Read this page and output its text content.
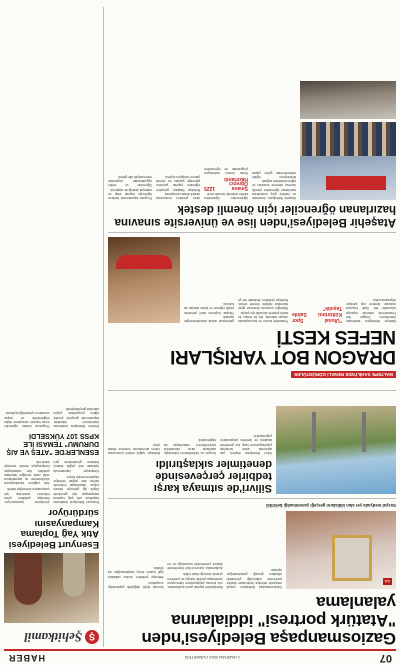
07
1 HAZİRAN 2024 CUMARTESİ
HABER
Gaziosmanpaşa Belediyesi'nden "Atatürk portresi" iddialarına yalanlama
AA

Gaziosmanpaşa Belediyesi, sosyal medyada belediye binasından Atatürk portresinin kaldırıldığı yönündeki iddiaların gerçeği yansıtmadığını açıkladı.

Belediyeden yapılan yazılı açıklamada, söz konusu paylaşımların kamuoyunu yanıltmaya yönelik olduğu ve portrenin yerinde durduğu ifade edildi.

Açıklamada, kurumun tüm birimlerinde Atatürk portrelerinin bulunduğu ve bu konuda hiçbir değişiklik yapılmadığı vurgulandı.

Belediye yetkilileri, asılsız iddialarla ilgili hukuki süreç başlatılacağını da bildirdi.

Sosyal medyada yer alan iddiaların gerçeği yansıtmadığı belirtildi
Silivri'de sıtmaya karşı tedbirler çerçevesinde denetimler sıklaştırıldı

Silivri Belediyesi ekipleri, yaz aylarında artan sivrisinek popülasyonuna karşı ilçe genelinde ilaçlama ve denetim çalışmalarını yoğunlaştırdı.

Durgun su birikintilerinin bulunduğu alanlarda larva mücadelesi sürdürülürken, vatandaşlar da bilgilendirildi.

Belediye, sağlık riskleri konusunda önlem alınmasının önemine dikkat çekti.

MALTEPE SAHİLİ'NDE RENKLİ GÖRÜNTÜLER
DRAGON BOT YARIŞLARI NEFES KESTİ

Maltepe Belediyesi tarafından düzenlenen Dragon Bot Festivali'nde takımlar kıyasıya mücadele etti. Sahil boyunca toplanan binlerce kişi yarışları heyecanla izledi.

"Ulusal Spor Kültürünü Sahile Taşıdık"

Festivalde kurum ve kuruluşlardan oluşan takımlar, tek bir tempo ile kürek çekerek birincilik için yarıştı.

Etkinliğin sonunda dereceye giren takımlara ödülleri törenle verildi. Belediye yetkilileri, festivalin her yıl geleneksel olarak düzenleneceğini açıkladı.

Yarışlar boyunca sahil şeridinde çeşitli eğlence ve ikram alanları da kuruldu.

Ataşehir Belediyesi'nden lise ve üniversite sınavına hazırlanan öğrenciler için önemli destek

Ataşehir Belediyesi, üniversite ve liselere giriş sınavlarına hazırlanan öğrencilere yönelik ücretsiz deneme sınavları ve eğitim destekleri sağladı.

Belediyenin eğitim merkezlerinde görev yapan öğretmenler, öğrencilere birebir rehberlik hizmeti verdi.

Sınava 1225 Öğrenci Hazırlandı

Sınav öncesi motivasyon programları ile öğrencilerin stres yönetimi konusunda destek alması amaçlandı.

Belediye Başkanı, gençlerin eğitimine yapılan yatırımın geleceğe yapılan en önemli yatırım olduğunu söyledi.

Program kapsamında binlerce öğrenciye kaynak kitap ve materyal desteği de ulaştırıldı.

Öğrenciler ve veliler uygulamadan duydukları memnuniyeti dile getirdi.

Ş
Şehitkamil
Esenyurt Belediyesi Atık Yağ Toplama Kampanyasını sürdürüyor

Esenyurt Belediyesi tarafından başlatılan atık yağ toplama kampanyası ilçe genelinde büyük ilgi görmeye devam ediyor. Vatandaşlar evlerinde biriken atık yağları belediye ekiplerine teslim ediyor.

Kampanya kapsamında toplanan atık yağlar lisanslı tesislere gönderilerek geri dönüşüme kazandırılıyor. Belediye yetkilileri çevre bilincinin artırılması için çalışmaların süreceğini belirtti.

Atık yağların kanalizasyona dökülmesinin su kaynaklarına ciddi zarar verdiğini hatırlatan yetkililer, tüm vatandaşları kampanyaya destek vermeye davet etti.

ESENLER'DE "ATEŞ VE AIŞ DURUMU" TEMASI İLE KPSS 107 YÜKSELDİ

Esenler Belediyesi tarafından düzenlenen etkinlikler kapsamında gençlere yönelik eğitim programları yoğun katılımla gerçekleştirildi.

Programa katılan öğrenciler sınav hazırlık süreçlerine ilişkin bilgilendirildi ve başarı oranlarının yükseldiği açıklandı.
